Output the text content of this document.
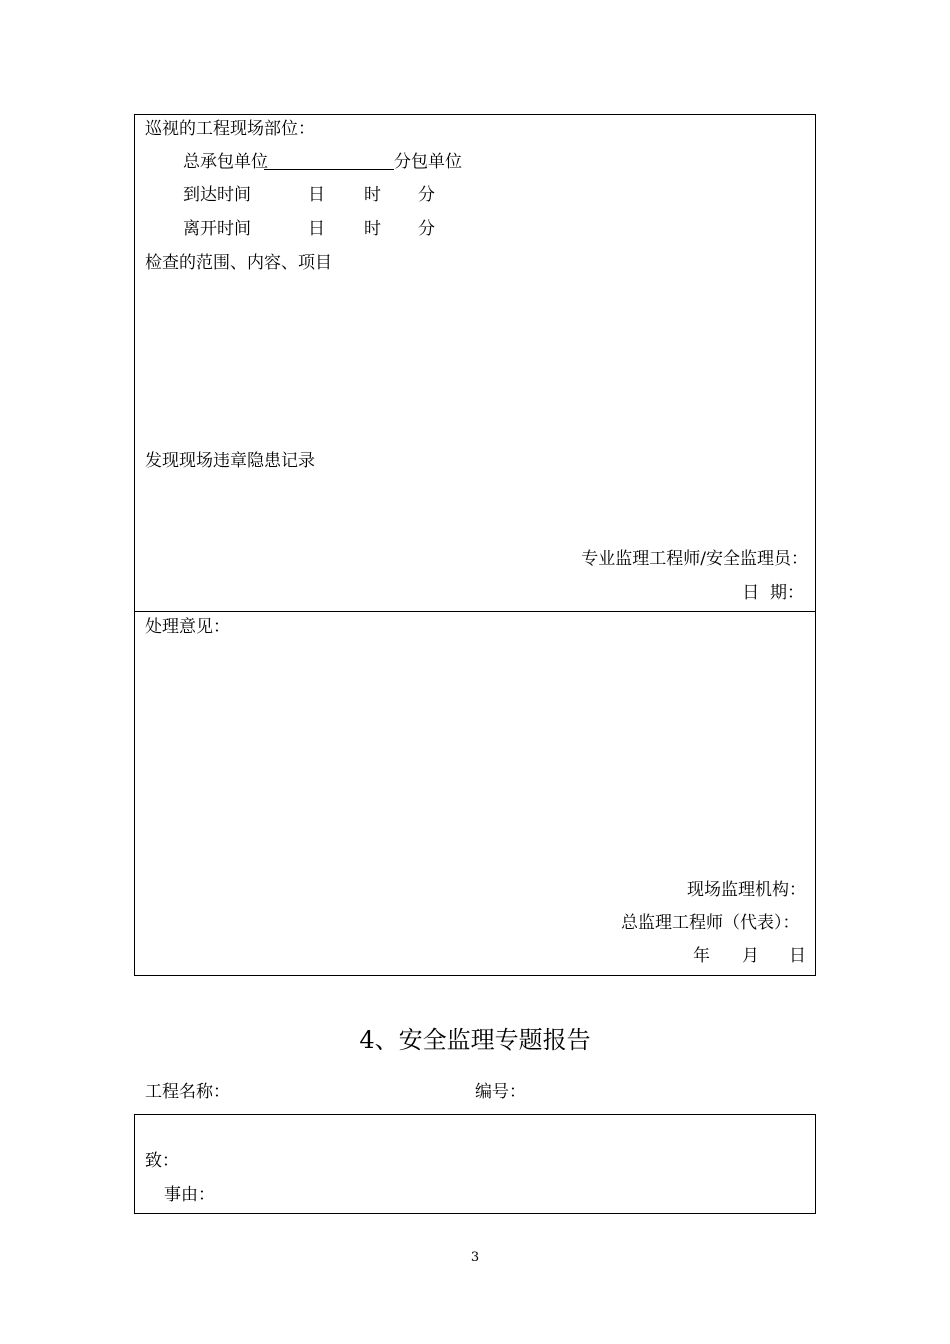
巡视的工程现场部位：
总承包单位	分包单位
到达时间	日 时 分
离开时间	日 时 分
检查的范围、内容、项目
发现现场违章隐患记录
专业监理工程师/安全监理员：
日  期：
处理意见：
现场监理机构：
总监理工程师（代表）：
年 月 日
4、安全监理专题报告
工程名称：	编号：
致：
事由：
3
